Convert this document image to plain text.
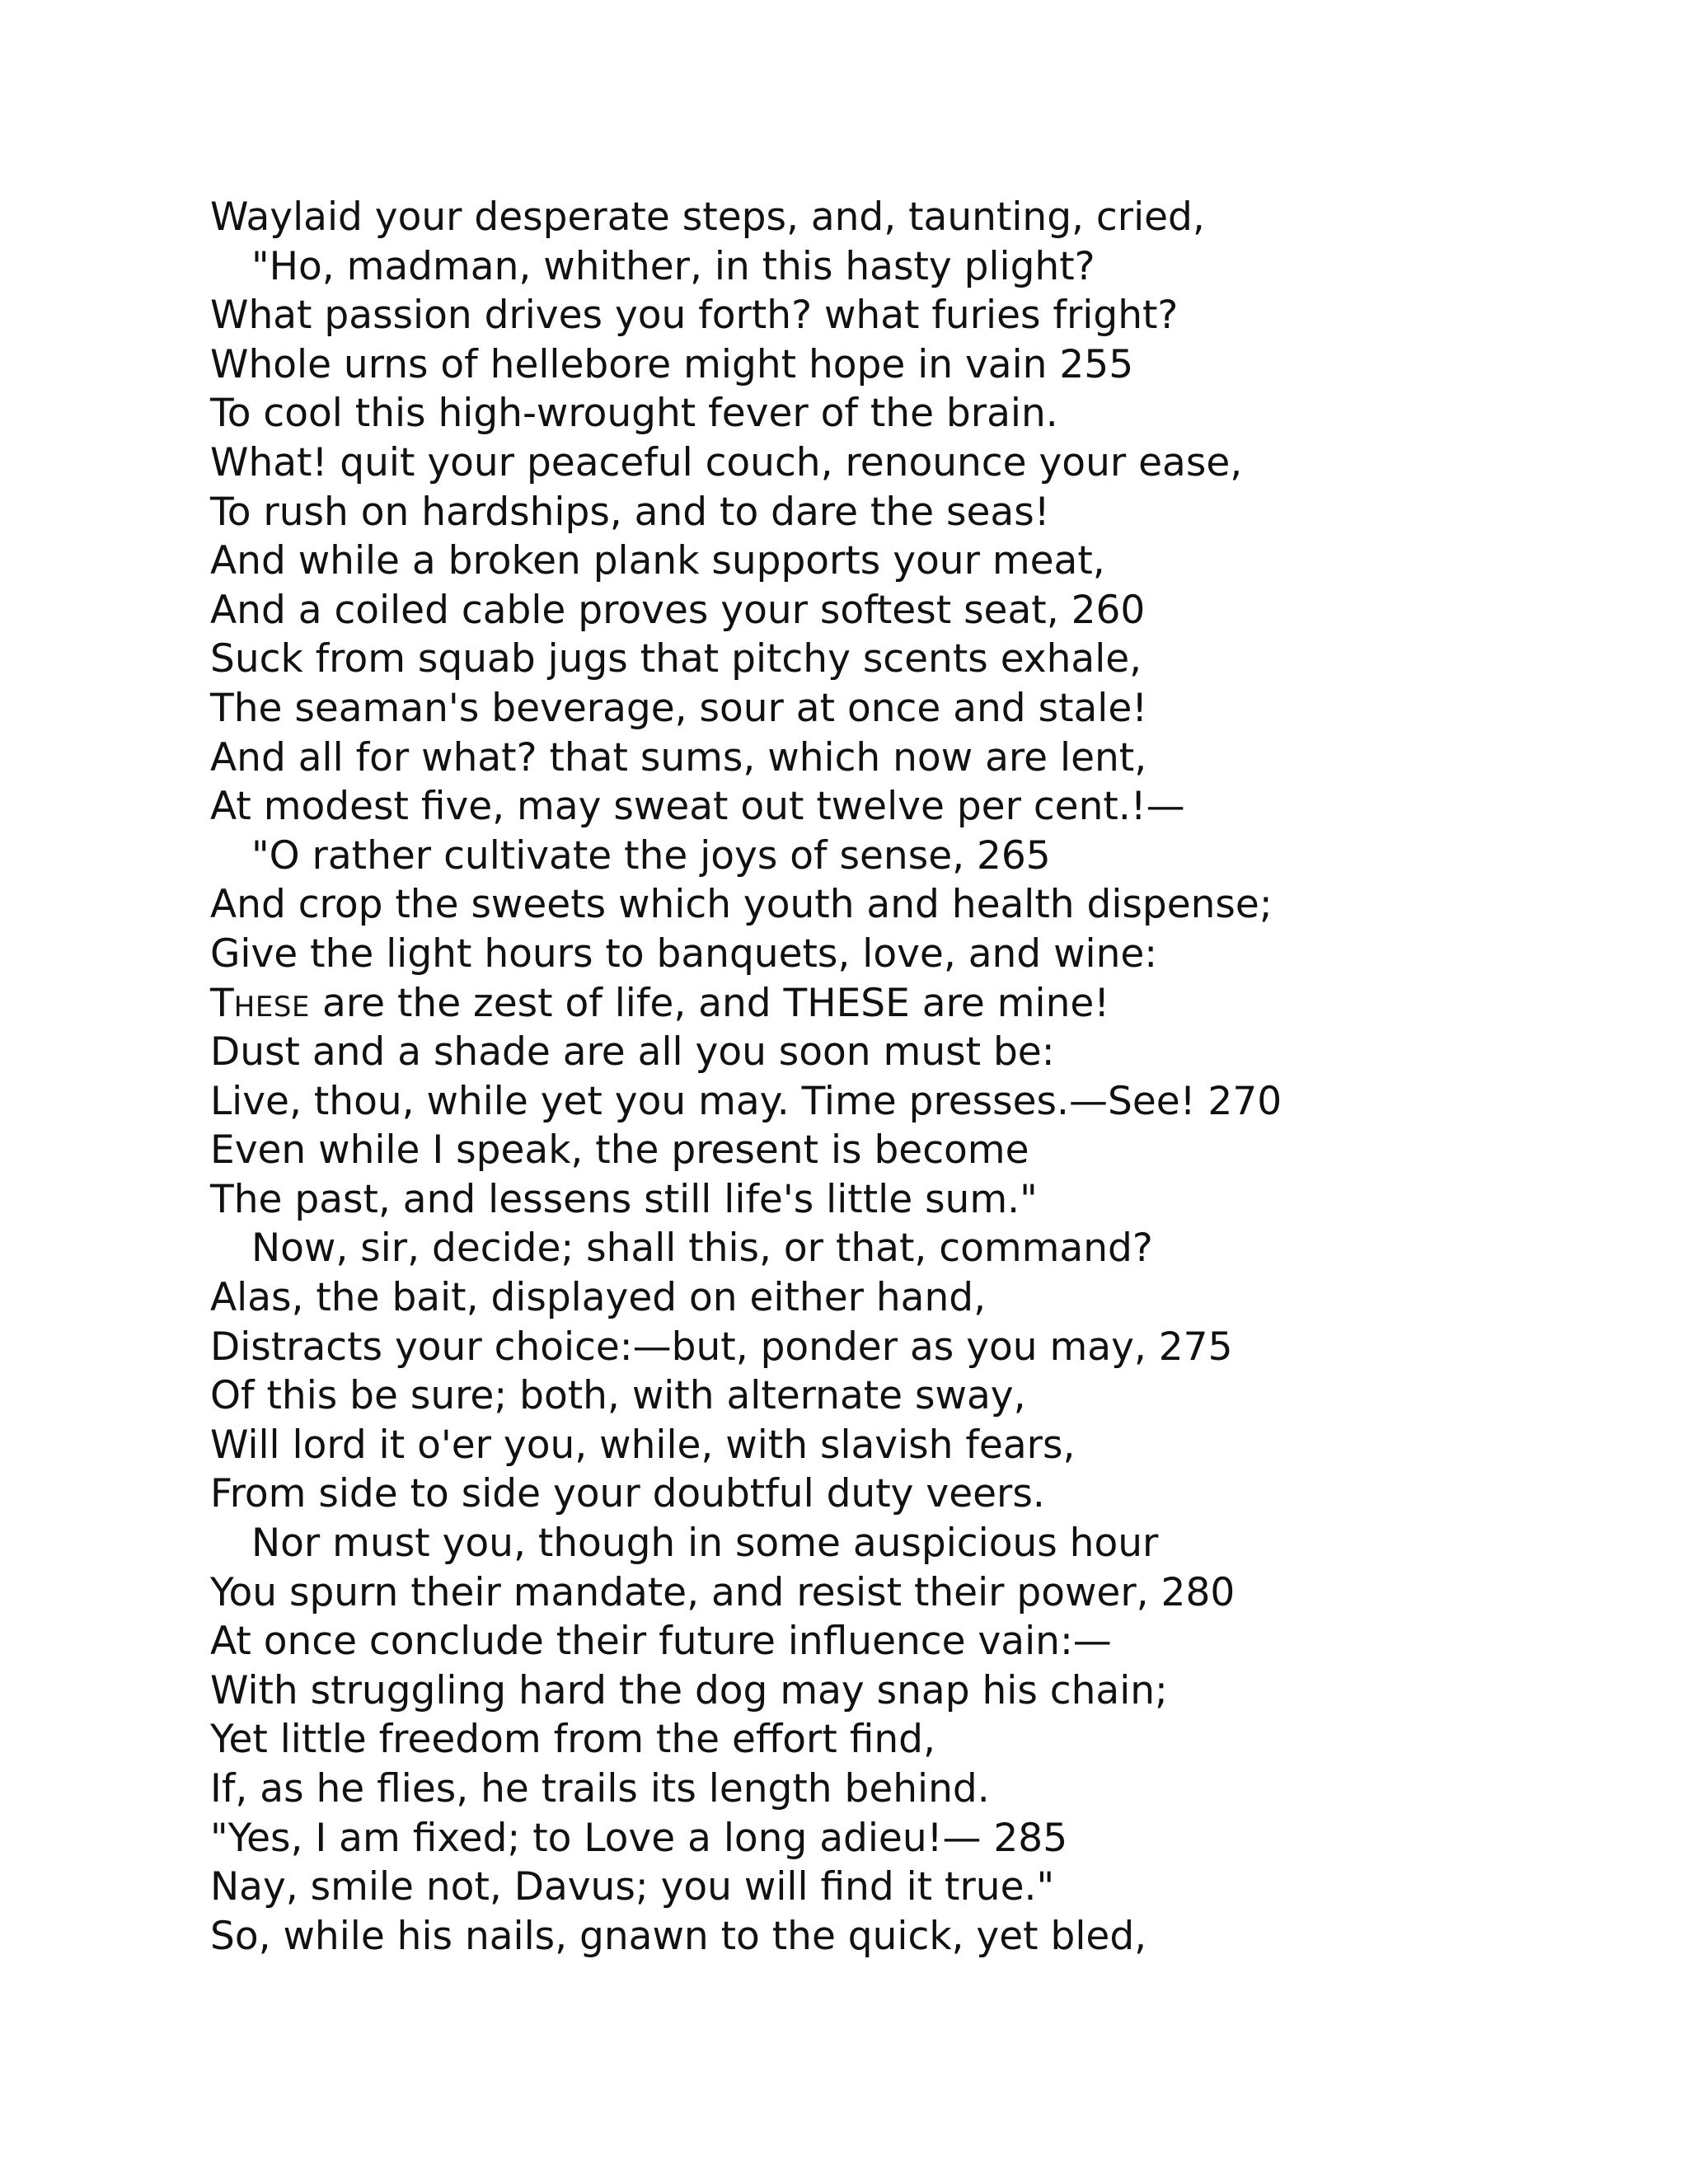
Waylaid your desperate steps, and, taunting, cried,
"Ho, madman, whither, in this hasty plight?
What passion drives you forth? what furies fright?
Whole urns of hellebore might hope in vain 255
To cool this high-wrought fever of the brain.
What! quit your peaceful couch, renounce your ease,
To rush on hardships, and to dare the seas!
And while a broken plank supports your meat,
And a coiled cable proves your softest seat, 260
Suck from squab jugs that pitchy scents exhale,
The seaman's beverage, sour at once and stale!
And all for what? that sums, which now are lent,
At modest five, may sweat out twelve per cent.!—
"O rather cultivate the joys of sense, 265
And crop the sweets which youth and health dispense;
Give the light hours to banquets, love, and wine:
THESE are the zest of life, and THESE are mine!
Dust and a shade are all you soon must be:
Live, thou, while yet you may. Time presses.—See! 270
Even while I speak, the present is become
The past, and lessens still life's little sum."
Now, sir, decide; shall this, or that, command?
Alas, the bait, displayed on either hand,
Distracts your choice:—but, ponder as you may, 275
Of this be sure; both, with alternate sway,
Will lord it o'er you, while, with slavish fears,
From side to side your doubtful duty veers.
Nor must you, though in some auspicious hour
You spurn their mandate, and resist their power, 280
At once conclude their future influence vain:—
With struggling hard the dog may snap his chain;
Yet little freedom from the effort find,
If, as he flies, he trails its length behind.
"Yes, I am fixed; to Love a long adieu!— 285
Nay, smile not, Davus; you will find it true."
So, while his nails, gnawn to the quick, yet bled,
